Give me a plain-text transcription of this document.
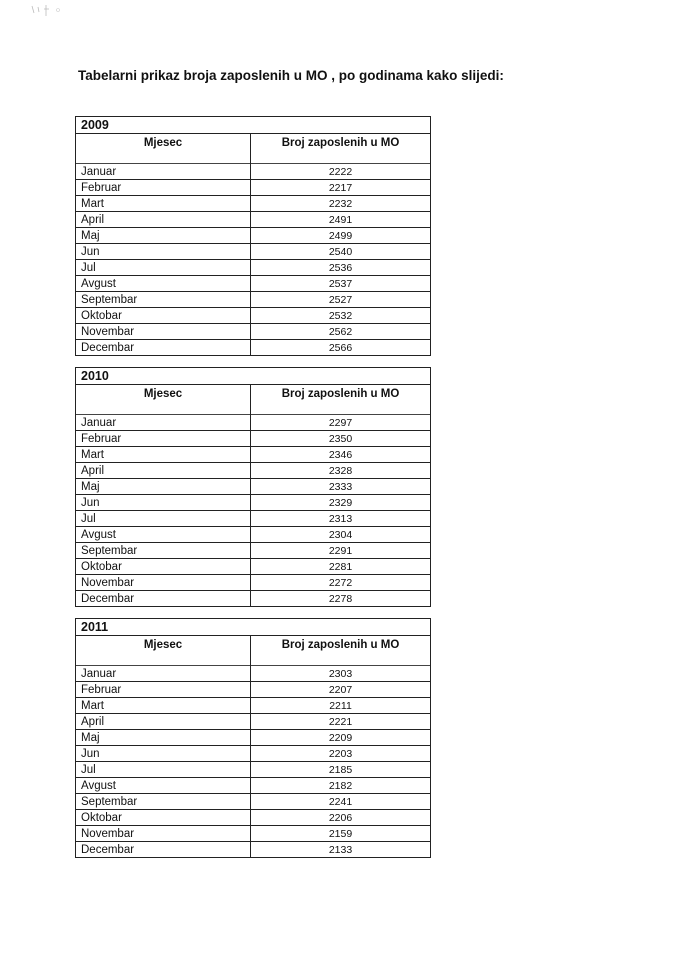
Tabelarni prikaz broja zaposlenih u MO , po godinama kako slijedi:
2009	
Mjesec	Broj zaposlenih u MO

Januar	2222
Februar	2217
Mart	2232
April	2491
Maj	2499
Jun	2540
Jul	2536
Avgust	2537
Septembar	2527
Oktobar	2532
Novembar	2562
Decembar	2566
2010	
Mjesec	Broj zaposlenih u MO

Januar	2297
Februar	2350
Mart	2346
April	2328
Maj	2333
Jun	2329
Jul	2313
Avgust	2304
Septembar	2291
Oktobar	2281
Novembar	2272
Decembar	2278
2011	
Mjesec	Broj zaposlenih u MO

Januar	2303
Februar	2207
Mart	2211
April	2221
Maj	2209
Jun	2203
Jul	2185
Avgust	2182
Septembar	2241
Oktobar	2206
Novembar	2159
Decembar	2133
